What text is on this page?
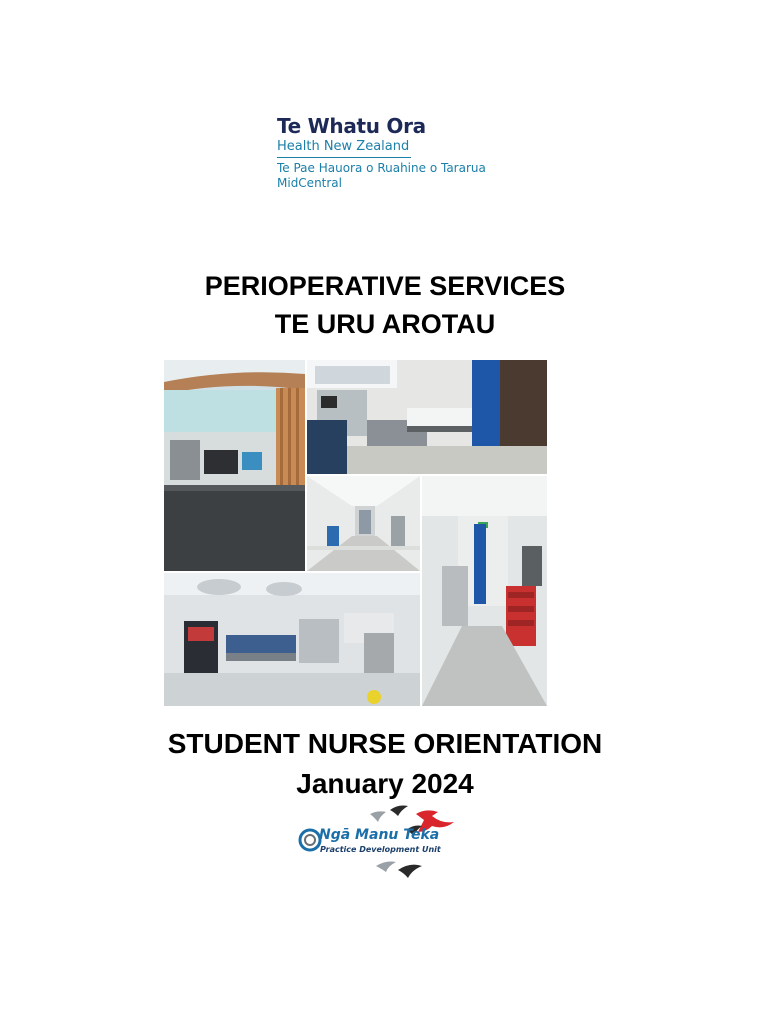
Te Whatu Ora
Health New Zealand
Te Pae Hauora o Ruahine o Tararua
MidCentral
PERIOPERATIVE SERVICES
TE URU AROTAU
STUDENT NURSE ORIENTATION
January 2024
Ngā Manu Teka
Practice Development Unit
